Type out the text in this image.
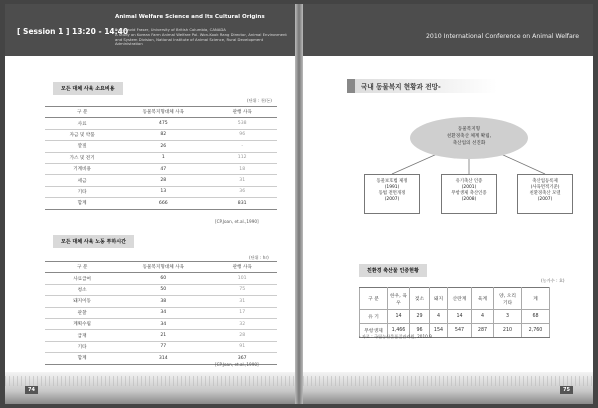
[ Session 1 ] 13:20 - 14:40
Animal Welfare Science and Its Cultural Origins
Prof. David Fraser, University of British Columbia, CANADA
A Study on Korean Farm Animal Welfare Pol. Won-Kook Rang Director, Animal Environment and System Division, National Institute of Animal Science, Rural Development Administration
모든 대체 사육 소요비용
(단위 : 천/돈)
구 분	동물복지형대체 사육	관행 사육
사료	475	538
자금 및 약품	82	96
깔짚	26	-
가스 및 전기	1	112
기계비용	47	18
세금	28	31
기타	13	36
합계	666	831
[CP.Joan, et.al.,1990]
모든 대체 사육 노동 투하시간
(단위 : hr)
구 분	동물복지형대체 사육	관행 사육
사료급여	60	101
청소	50	75
돼지이동	38	31
관찰	34	17
계획수립	34	32
급재	21	28
기타	77	91
합계	314	367
[CP.Joan, et.al.,1990]
74
2010 International Conference on Animal Welfare
국내 동물복지 현황과 전망-
동물복지형
친환경축산 체계 확립,
축산업의 선진화
동물보호법 제정
(1991)
동법 전면개정
(2007)
유기축산 인증
(2001)
무항생제 축산인증
(2008)
축산업등록제
(사육면적기준)
친환경축산 모델
(2007)
친환경 축산물 인증현황
(농가수 : 호)
구 분	한우, 육우	젖소	돼지	산란계	육계	양, 오리 기타	계
유 기	14	29	4	14	4	3	68
무항생제	1,466	96	154	547	287	210	2,760
- 자료 : 국립농산물품질관리원, 2010.9
75
